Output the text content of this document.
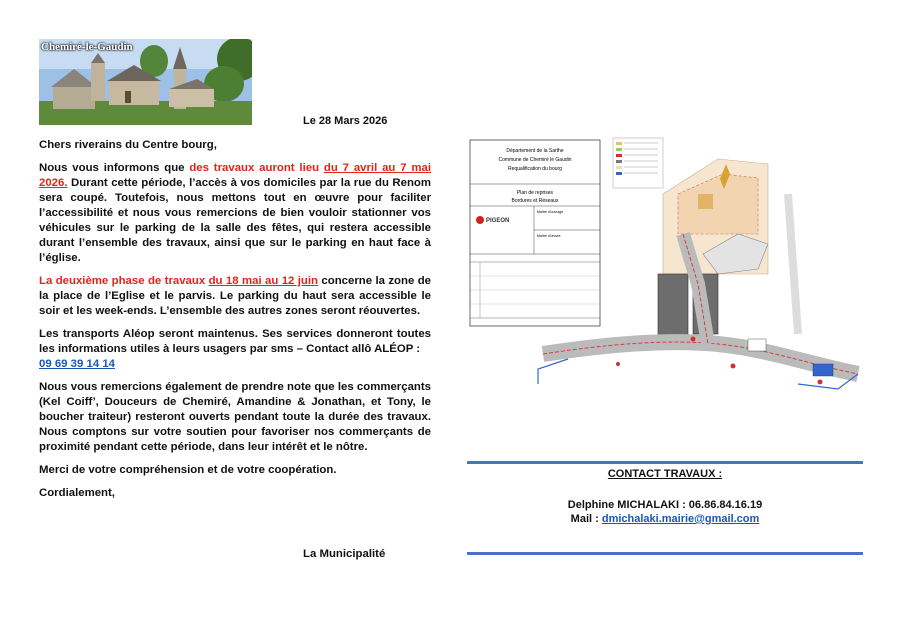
Chemiré-le-Gaudin
Le 28 Mars 2026

Chers riverains du Centre bourg,

Nous vous informons que des travaux auront lieu du 7 avril au 7 mai 2026. Durant cette période, l’accès à vos domiciles par la rue du Renom sera coupé. Toutefois, nous mettons tout en œuvre pour faciliter l’accessibilité et nous vous remercions de bien vouloir stationner vos véhicules sur le parking de la salle des fêtes, qui restera accessible durant l’ensemble des travaux, ainsi que sur le parking en haut face à l’église.

La deuxième phase de travaux du 18 mai au 12 juin concerne la zone de la place de l’Eglise et le parvis. Le parking du haut sera accessible le soir et les week-ends. L’ensemble des autres zones seront réouvertes.

Les transports Aléop seront maintenus. Ses services donneront toutes les informations utiles à leurs usagers par sms – Contact allô ALÉOP :
09 69 39 14 14

Nous vous remercions également de prendre note que les commerçants (Kel Coiff’, Douceurs de Chemiré, Amandine & Jonathan, et Tony, le boucher traiteur) resteront ouverts pendant toute la durée des travaux. Nous comptons sur votre soutien pour favoriser nos commerçants de proximité pendant cette période, dans leur intérêt et le nôtre.

Merci de votre compréhension et de votre coopération.

Cordialement,

La Municipalité
Département de la Sarthe
Commune de Chemiré le Gaudin
Requalification du bourg
Plan de reprises
Bordures et Réseaux
PIGEON
Maître d'ouvrage
Maître d'œuvre
CONTACT TRAVAUX :
Delphine MICHALAKI : 06.86.84.16.19
Mail : dmichalaki.mairie@gmail.com
